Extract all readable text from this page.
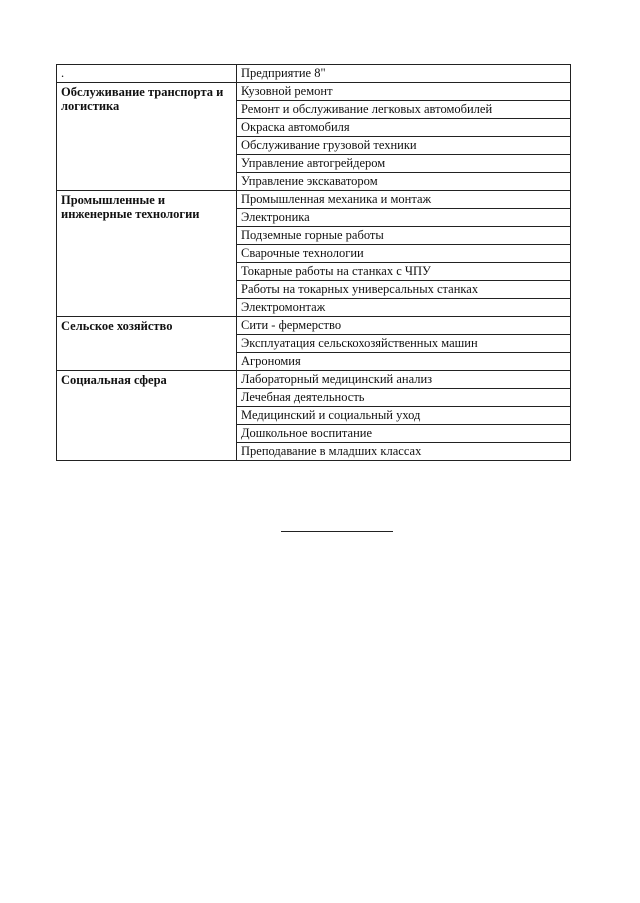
.	Предприятие 8"
Обслуживание транспорта и логистика	Кузовной ремонт
	Ремонт и обслуживание легковых автомобилей
	Окраска автомобиля
	Обслуживание грузовой техники
	Управление автогрейдером
	Управление экскаватором
Промышленные и инженерные технологии	Промышленная механика и монтаж
	Электроника
	Подземные горные работы
	Сварочные технологии
	Токарные работы на станках с ЧПУ
	Работы на токарных универсальных станках
	Электромонтаж
Сельское хозяйство	Сити - фермерство
	Эксплуатация сельскохозяйственных машин
	Агрономия
Социальная сфера	Лабораторный медицинский анализ
	Лечебная деятельность
	Медицинский и социальный уход
	Дошкольное воспитание
	Преподавание в младших классах
